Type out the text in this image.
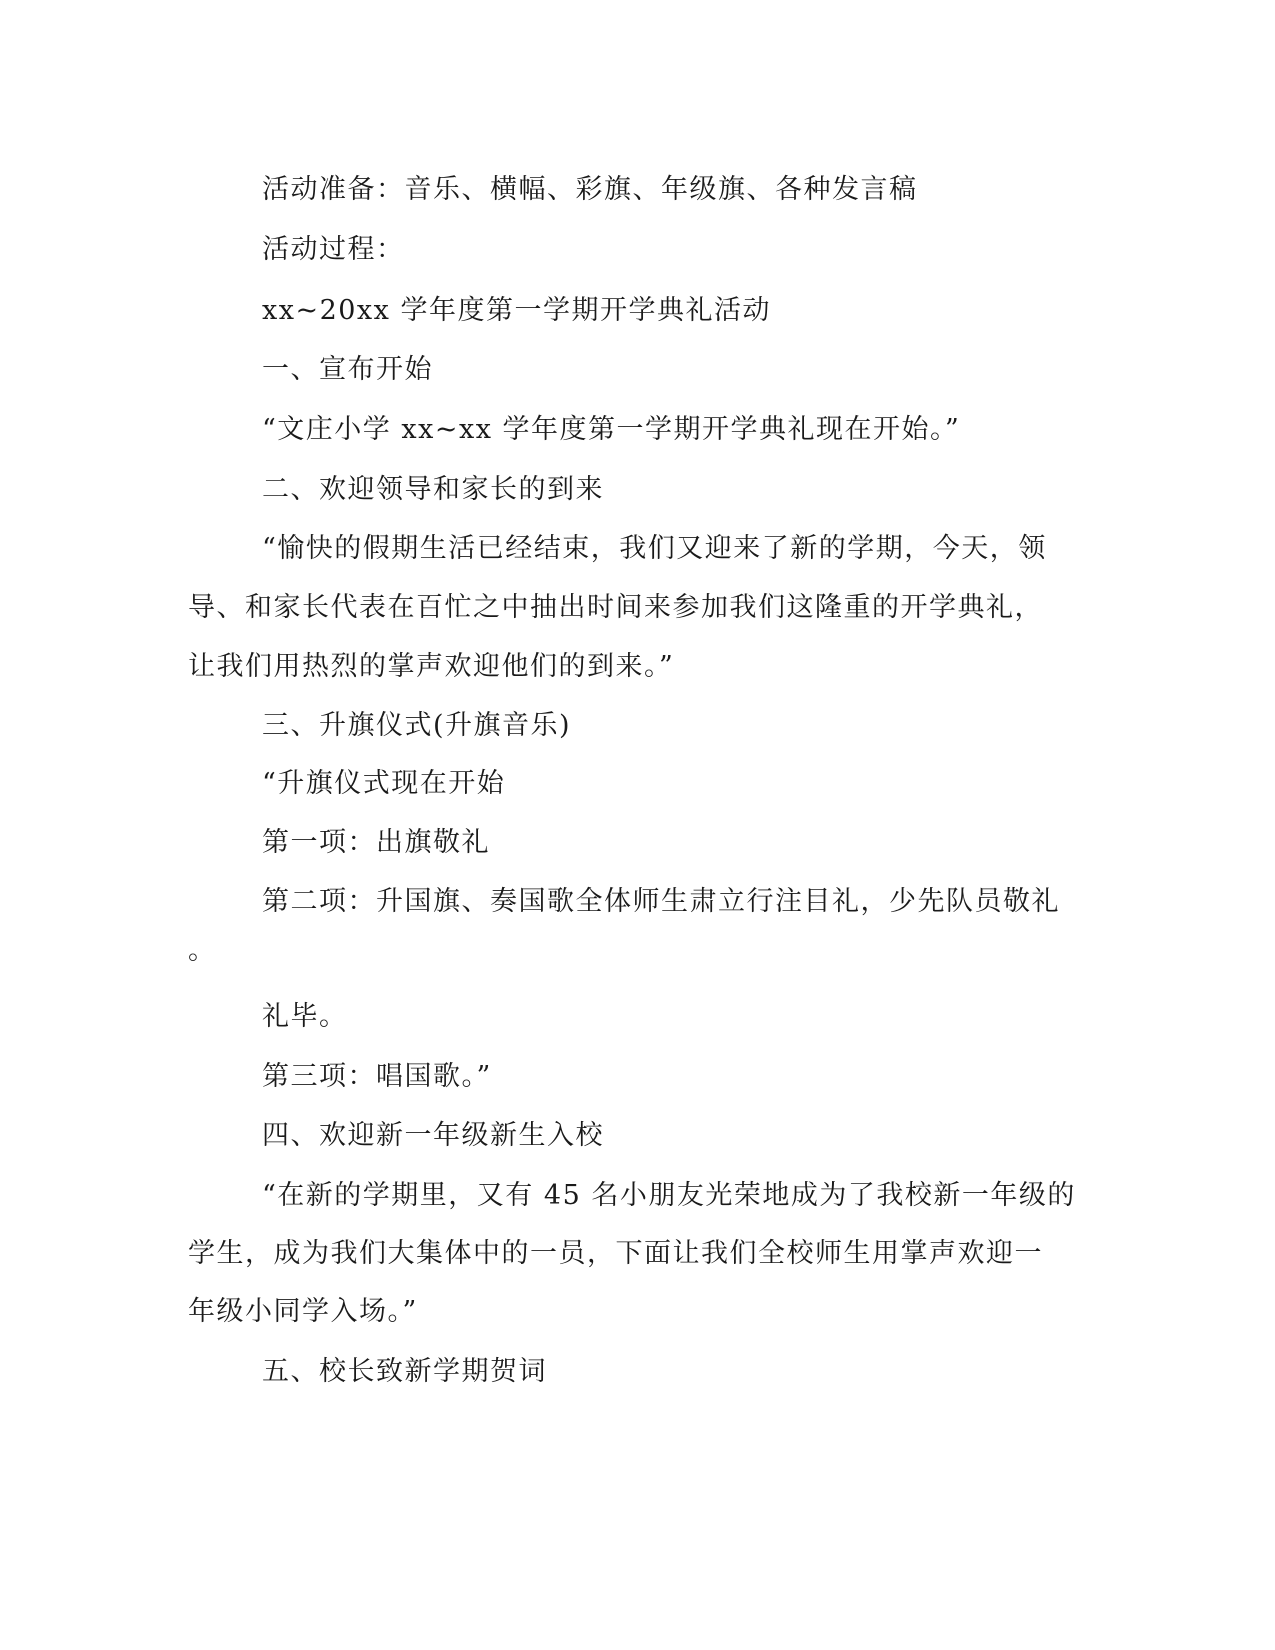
活动准备：音乐、横幅、彩旗、年级旗、各种发言稿
活动过程：
xx~20xx 学年度第一学期开学典礼活动
一、宣布开始
“文庄小学 xx~xx 学年度第一学期开学典礼现在开始。”
二、欢迎领导和家长的到来
“愉快的假期生活已经结束，我们又迎来了新的学期，今天，领
导、和家长代表在百忙之中抽出时间来参加我们这隆重的开学典礼，
让我们用热烈的掌声欢迎他们的到来。”
三、升旗仪式(升旗音乐)
“升旗仪式现在开始
第一项：出旗敬礼
第二项：升国旗、奏国歌全体师生肃立行注目礼，少先队员敬礼
。
礼毕。
第三项：唱国歌。”
四、欢迎新一年级新生入校
“在新的学期里，又有 45 名小朋友光荣地成为了我校新一年级的
学生，成为我们大集体中的一员，下面让我们全校师生用掌声欢迎一
年级小同学入场。”
五、校长致新学期贺词
